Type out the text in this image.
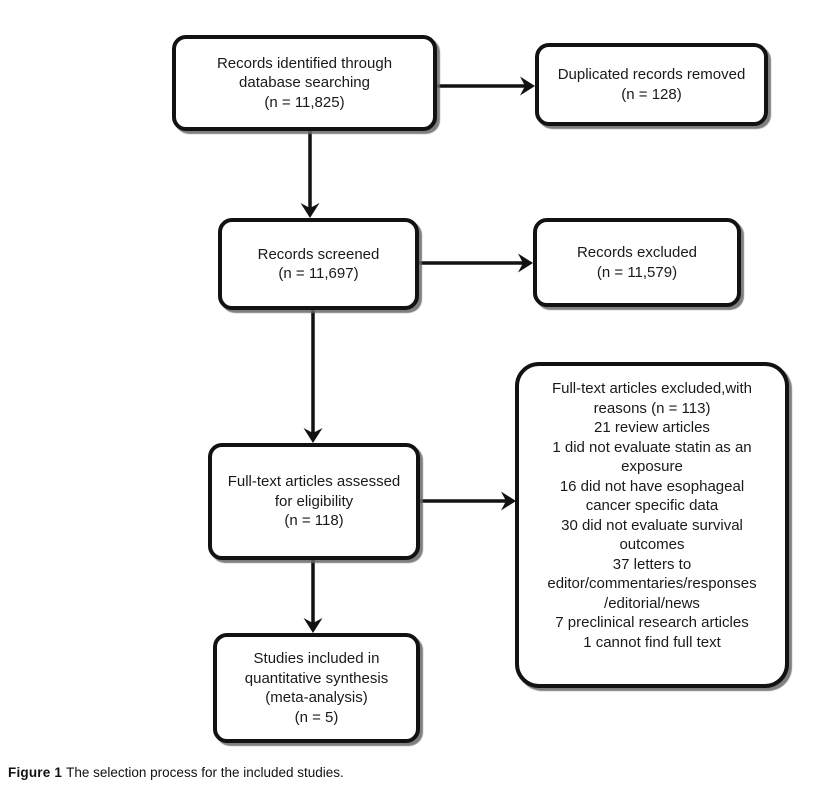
Records identified through
database searching
(n = 11,825)
Duplicated records removed
(n = 128)
Records screened
(n = 11,697)
Records excluded
(n = 11,579)
Full-text articles assessed
for eligibility
(n = 118)
Full-text articles excluded,with
reasons (n = 113)
21 review articles
1 did not evaluate statin as an
exposure
16 did not have esophageal
cancer specific data
30 did not evaluate survival
outcomes
37 letters to
editor/commentaries/responses
/editorial/news
7 preclinical research articles
1 cannot find full text
Studies included in
quantitative synthesis
(meta-analysis)
(n = 5)
Figure 1 The selection process for the included studies.
